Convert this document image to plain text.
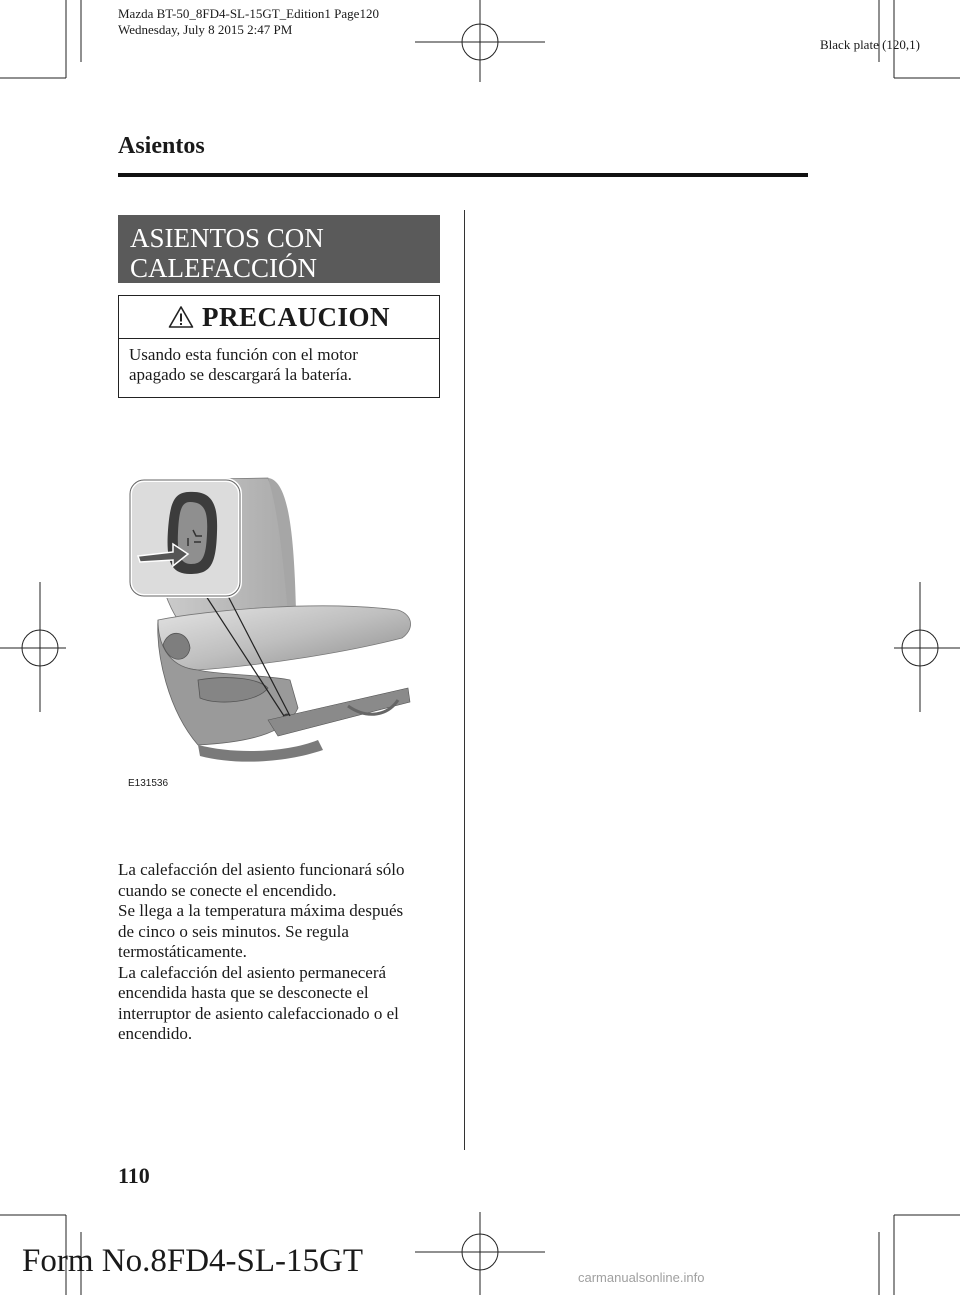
Mazda BT-50_8FD4-SL-15GT_Edition1 Page120
Wednesday, July 8 2015 2:47 PM
Black plate (120,1)
Asientos
ASIENTOS CON
CALEFACCIÓN
PRECAUCION
Usando esta función con el motor
apagado se descargará la batería.
E131536

La calefacción del asiento funcionará sólo

cuando se conecte el encendido.

Se llega a la temperatura máxima después

de cinco o seis minutos. Se regula

termostáticamente.

La calefacción del asiento permanecerá

encendida hasta que se desconecte el

interruptor de asiento calefaccionado o el

encendido.

110
Form No.8FD4-SL-15GT	carmanualsonline.info
